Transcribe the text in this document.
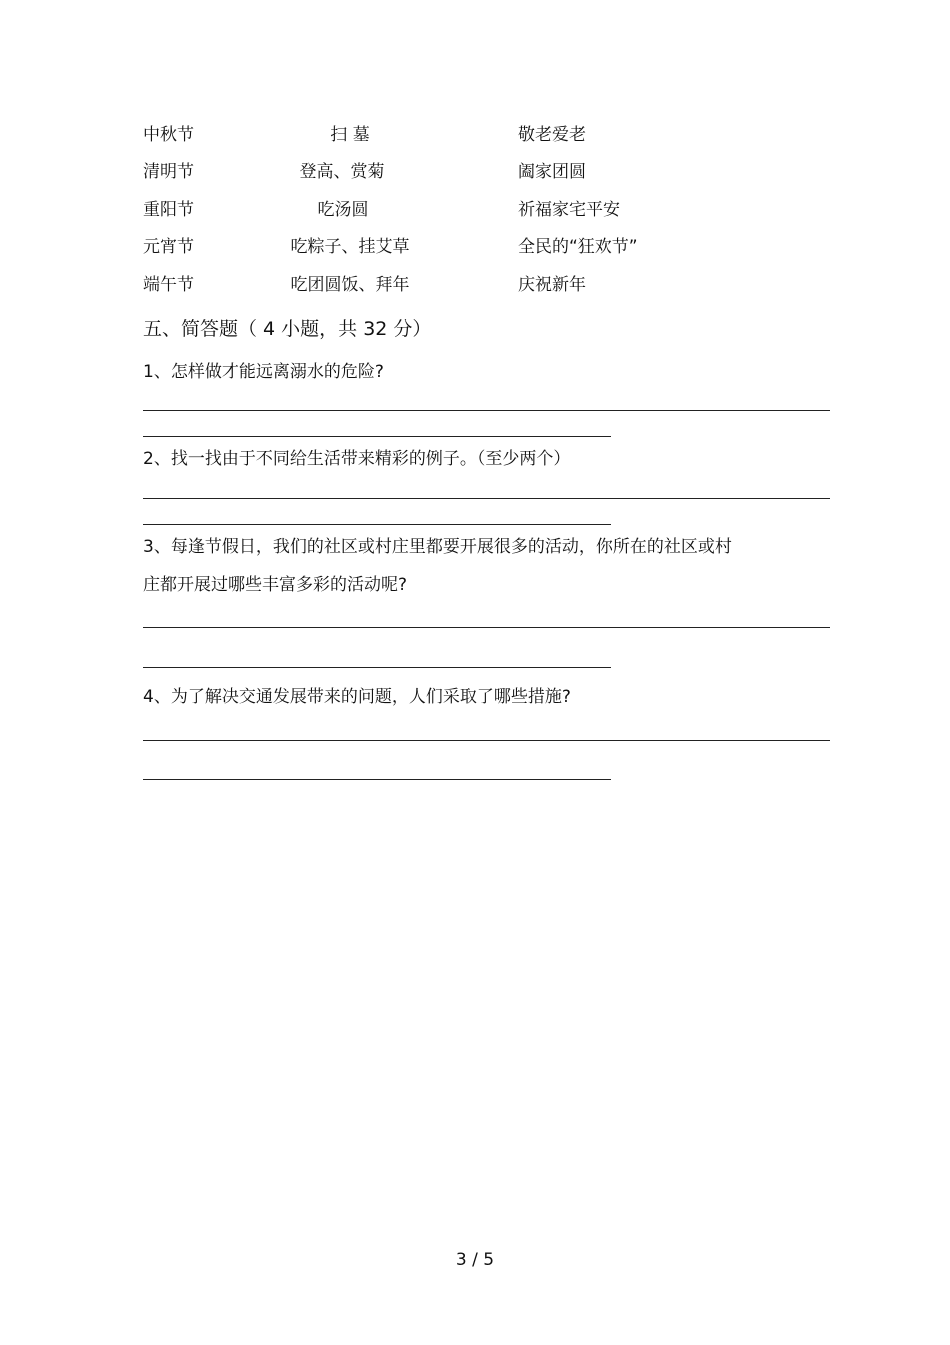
中秋节	扫 墓	敬老爱老
清明节	登高、赏菊	阖家团圆
重阳节	吃汤圆	祈福家宅平安
元宵节	吃粽子、挂艾草	全民的“狂欢节”
端午节	吃团圆饭、拜年	庆祝新年
五、简答题（ 4 小题，共 32 分）
1、怎样做才能远离溺水的危险?
2、找一找由于不同给生活带来精彩的例子。（至少两个）
3、每逢节假日，我们的社区或村庄里都要开展很多的活动，你所在的社区或村
庄都开展过哪些丰富多彩的活动呢?
4、为了解决交通发展带来的问题，人们采取了哪些措施?
3 / 5
